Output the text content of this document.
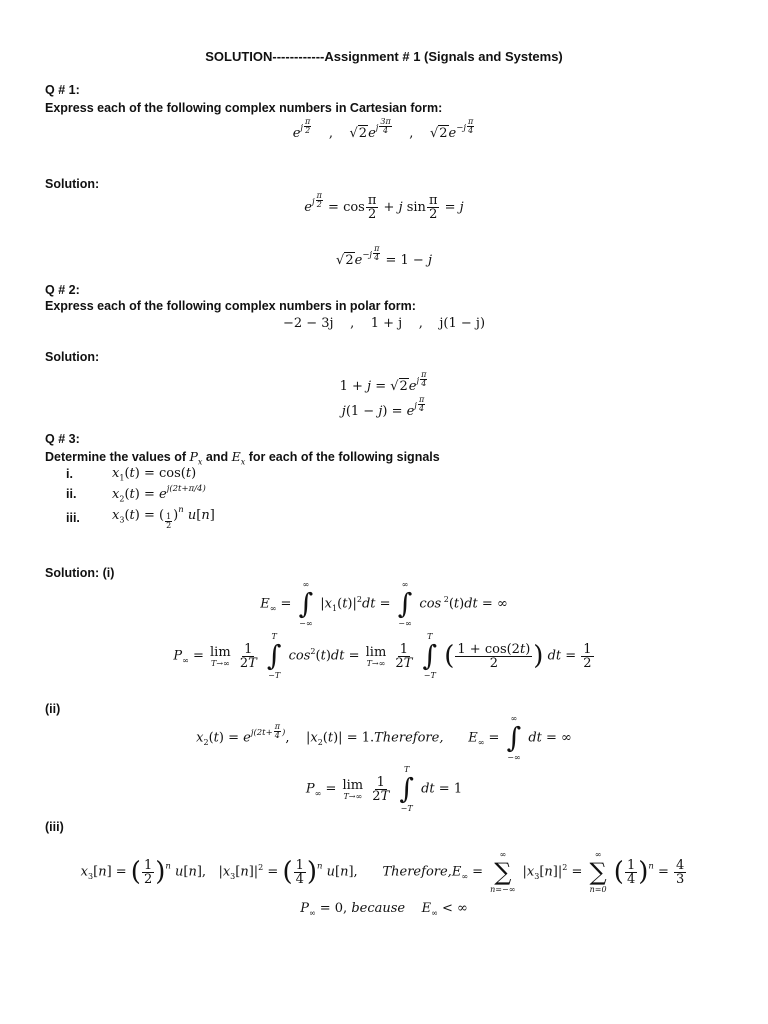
SOLUTION------------Assignment # 1 (Signals and Systems)
Q # 1:
Express each of the following complex numbers in Cartesian form:
$e^{j \frac{\pi}{2}}$ ,    $√2e^{j \frac{3\pi}{4}}$ ,    $√2e^{-j \frac{\pi}{4}}$
Solution:
$e^{j \frac{\pi}{2}} = \cos \frac{\pi}{2} + j$ $\sin \frac{\pi}{2} = j$
$√2e^{-j \frac{\pi}{4}} = 1 - j$
Q # 2:
Express each of the following complex numbers in polar form:
−2 − 3j    ,    1 + j    ,    j(1 − j)
Solution:
$1 + j = √2e^{j \frac{\pi}{4}}$
$j(1 - j) = e^{j \frac{\pi}{4}}$
Q # 3:
Determine the values of $P_x$ and $E_x$ for each of the following signals
i.	$x_1(t) = \cos(t)$
ii.	$x_2(t) = e^{j(2t+\pi/4)}$
iii. $x_3(t)$ = ( $\frac{1}{2} )^n$ u[n]
Solution: (i)
$E_\infty$ =
∞
∫
−∞
$|x_1(t)|^2dt$ =
∞
∫
−∞
cos $^2$(t)dt = ∞
$P_\infty = \lim$
T→∞
$\frac{1}{2T}$

T
∫
−T
$\cos^2(t)dt = \lim$
T→∞
$\frac{1}{2T}$

T
∫
−T
( $\frac{1 + \cos(2t)}{2}$ ) dt = $\frac{1}{2}$
(ii)
$x_2(t) = e^{j(2t+ \frac{\pi}{4} )}$,    $|x_2(t)|$ = 1.Therefore, $E_\infty$ =
∞
∫
−∞
dt = ∞
$P_\infty = \lim$
T→∞
$\frac{1}{2T}$

T
∫
−T
dt = 1
(iii)
$x_3[n]$ = ( $\frac{1}{2} )^n$ u[n],   $|x_3[n]|^2$ = ( $\frac{1}{4} )^n$ u[n],      $Therefore,E_\infty$ =
∞
∑
n=−∞
$|x_3[n]|^2$ =
∞
∑
n=0
( $\frac{1}{4} )^n = \frac{4}{3}$
$P_\infty = 0$, because $E_\infty$ < ∞
